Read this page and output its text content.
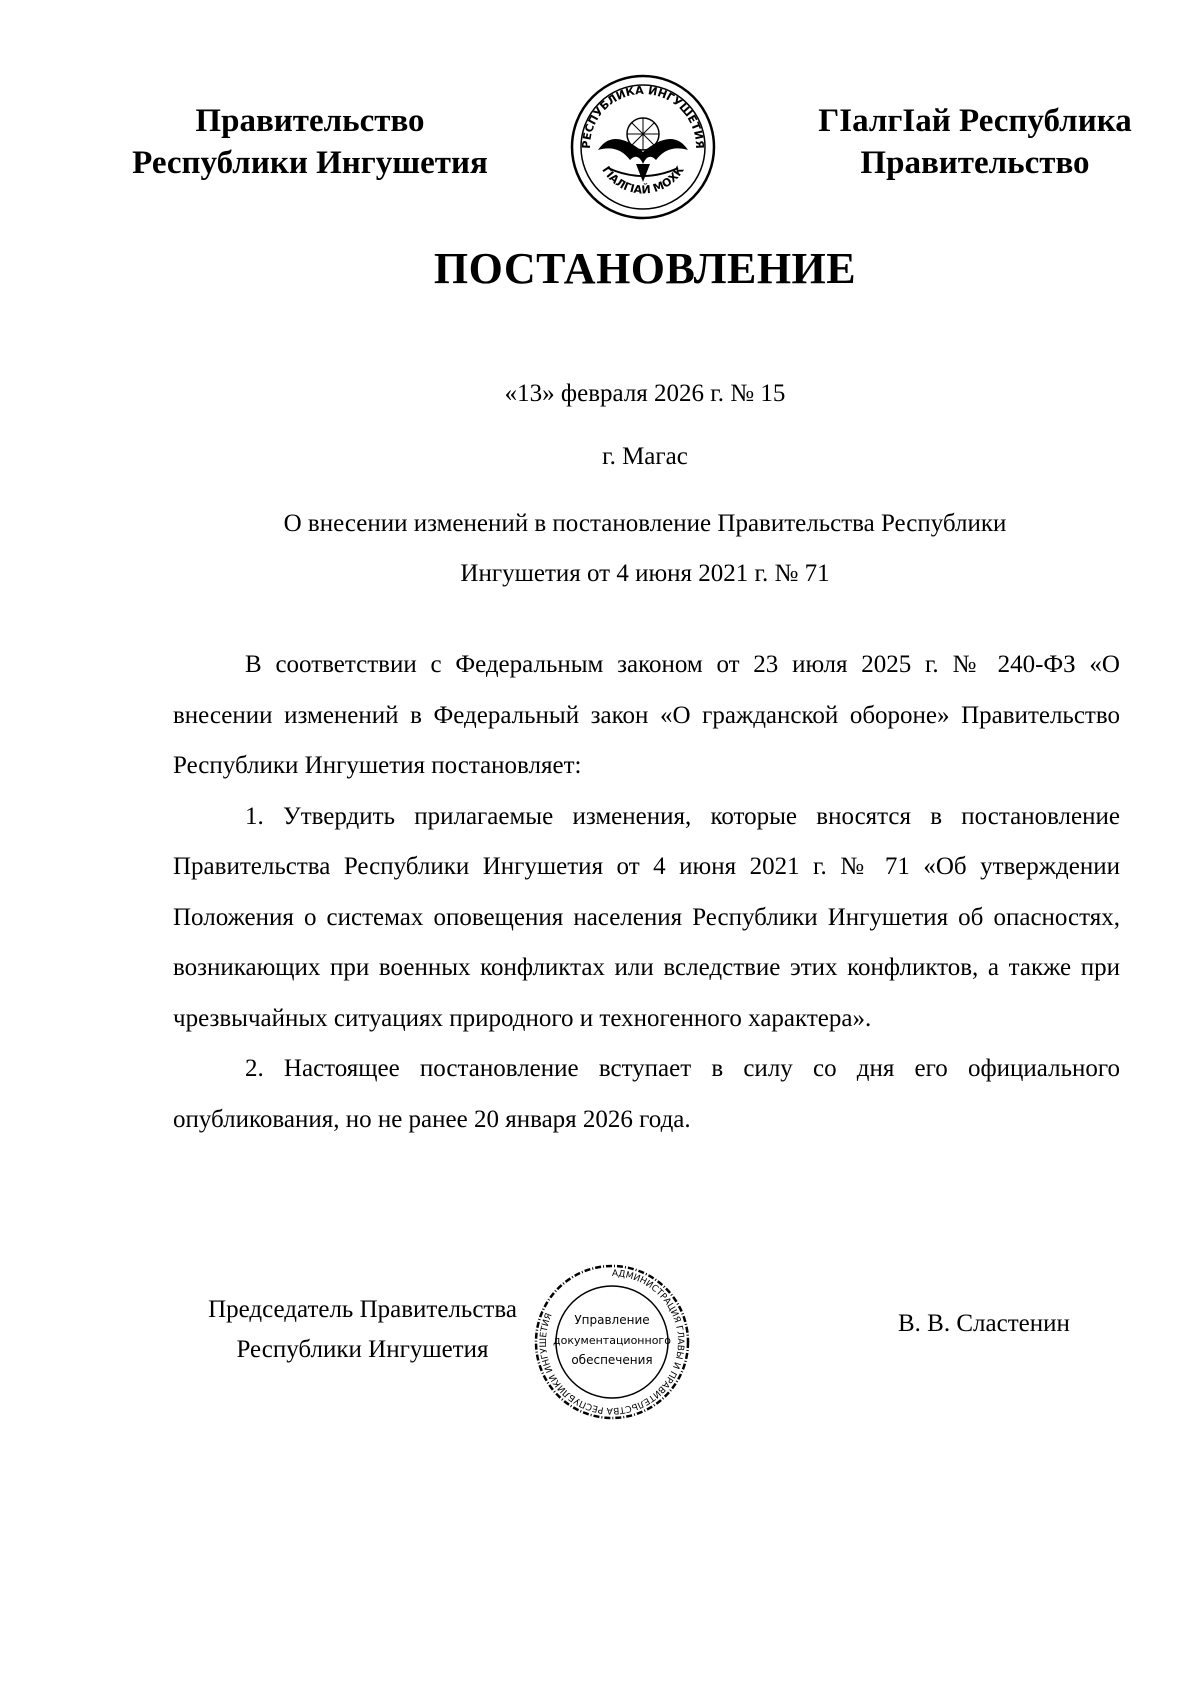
Правительство
Республики Ингушетия
РЕСПУБЛИКА ИНГУШЕТИЯ
ГIАЛГIАЙ МОХК
ГIалгIай Республика
Правительство
ПОСТАНОВЛЕНИЕ
«13» февраля 2026 г. № 15
г. Магас
О внесении изменений в постановление Правительства Республики
Ингушетия от 4 июня 2021 г. № 71

В соответствии с Федеральным законом от 23 июля 2025 г. № 240-ФЗ «О внесении изменений в Федеральный закон «О гражданской обороне» Правительство Республики Ингушетия постановляет:

1. Утвердить прилагаемые изменения, которые вносятся в постановление Правительства Республики Ингушетия от 4 июня 2021 г. № 71 «Об утверждении Положения о системах оповещения населения Республики Ингушетия об опасностях, возникающих при военных конфликтах или вследствие этих конфликтов, а также при чрезвычайных ситуациях природного и техногенного характера».

2. Настоящее постановление вступает в силу со дня его официального опубликования, но не ранее 20 января 2026 года.

Председатель Правительства
Республики Ингушетия
АДМИНИСТРАЦИЯ ГЛАВЫ И ПРАВИТЕЛЬСТВА РЕСПУБЛИКИ ИНГУШЕТИЯ	Управление
документационного
обеспечения
В. В. Сластенин
